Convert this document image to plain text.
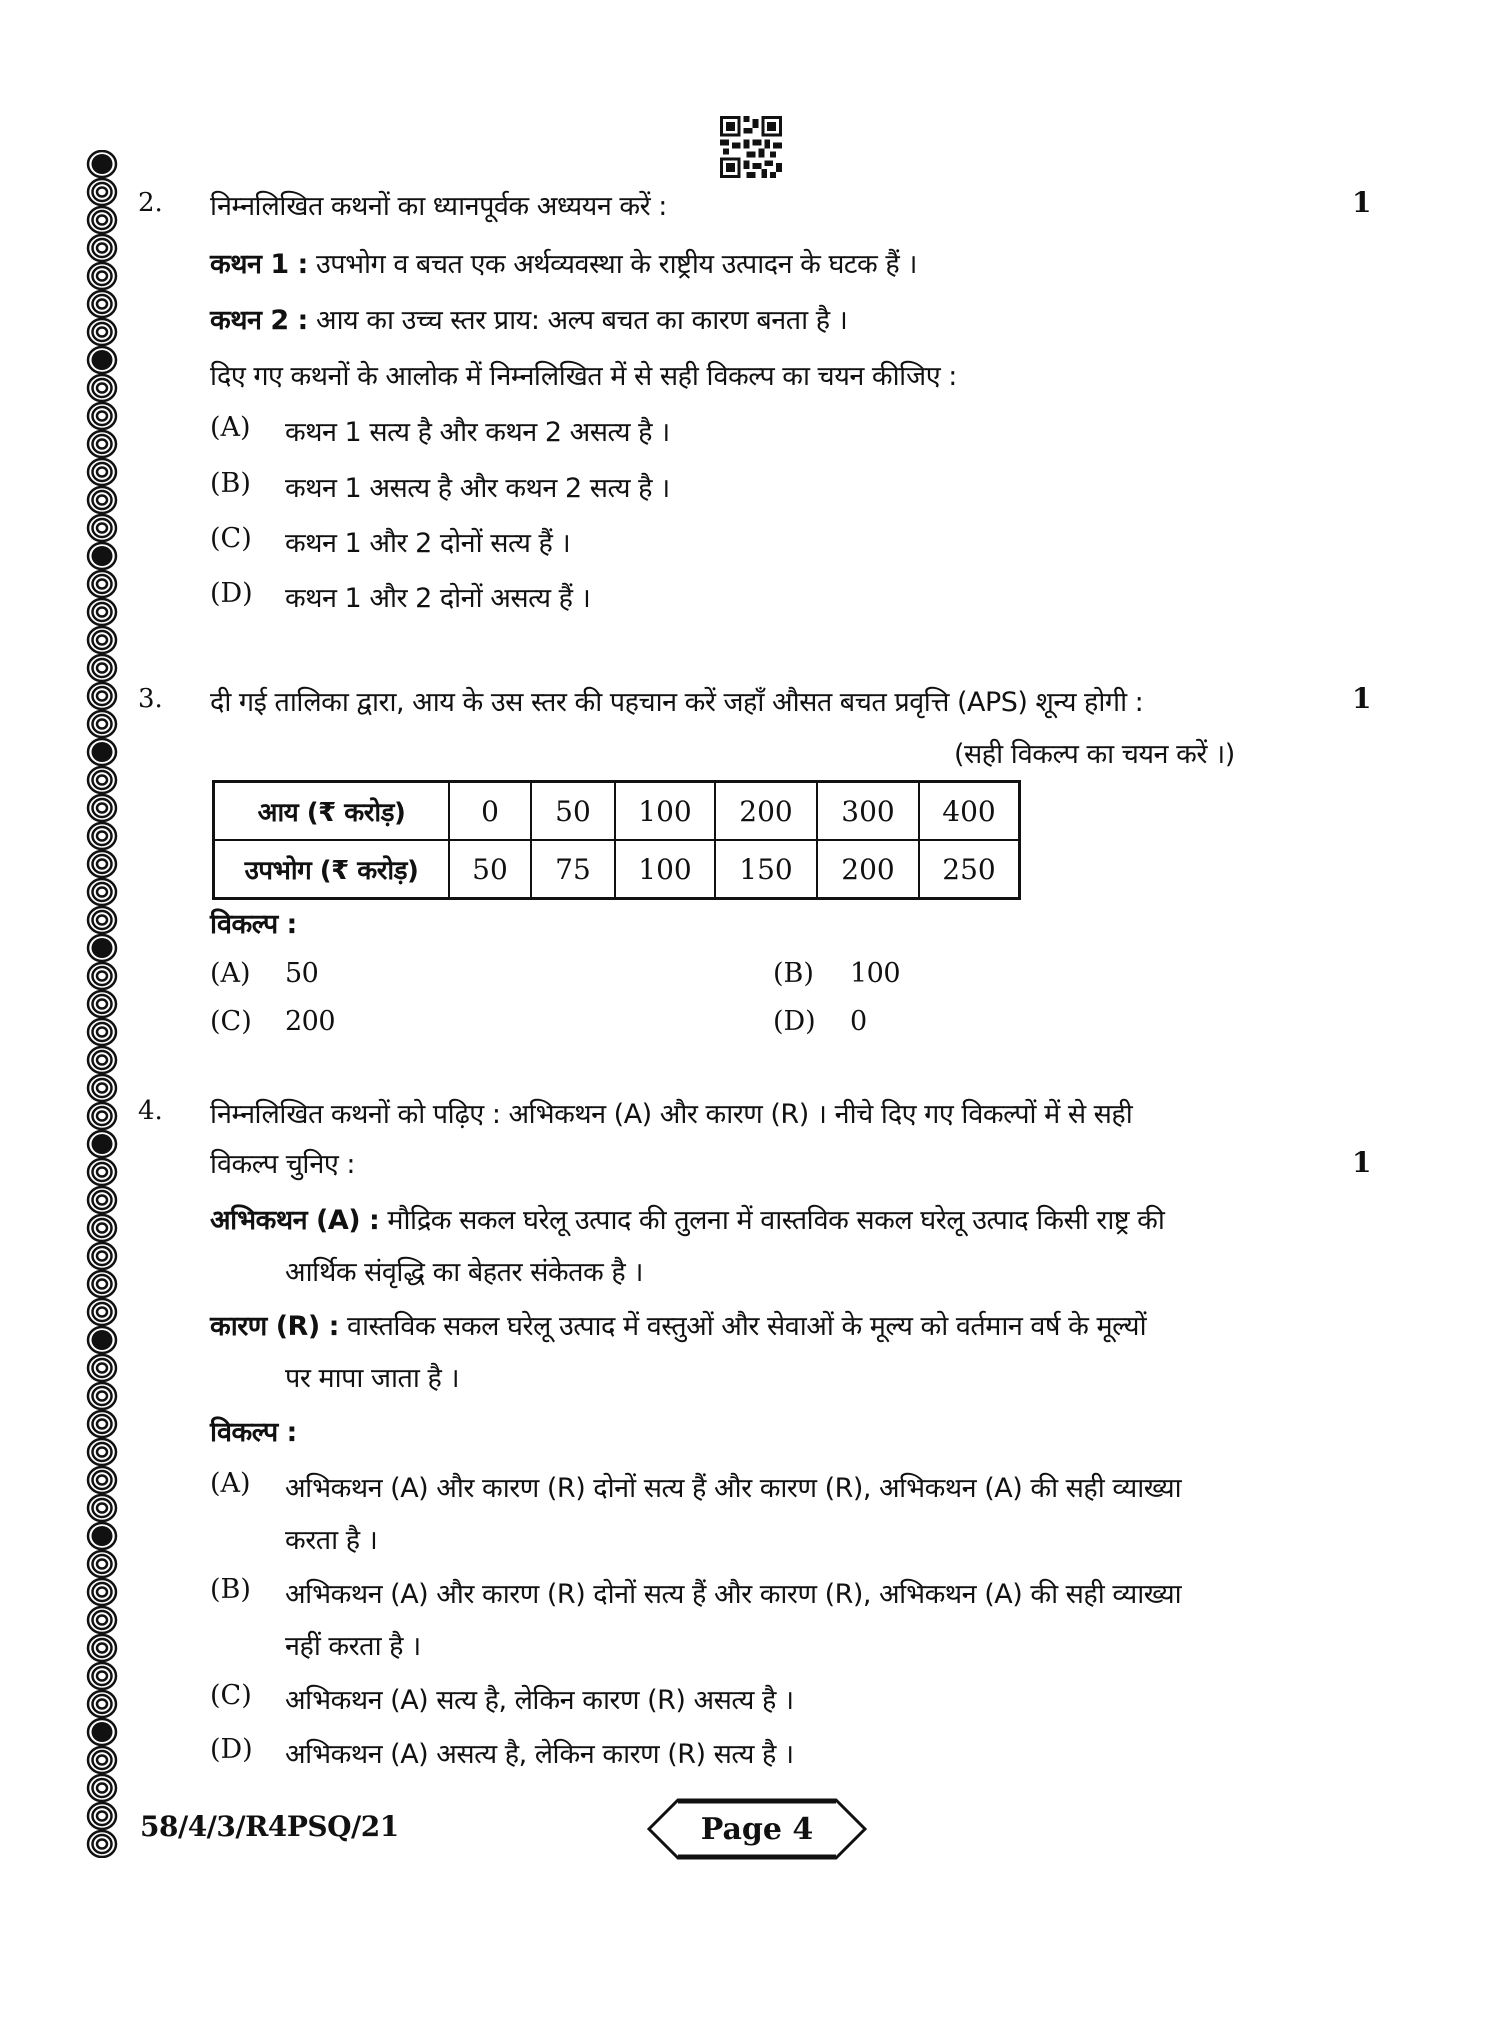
2.	1
निम्नलिखित कथनों का ध्यानपूर्वक अध्ययन करें :
कथन 1 : उपभोग व बचत एक अर्थव्यवस्था के राष्ट्रीय उत्पादन के घटक हैं ।
कथन 2 : आय का उच्च स्तर प्राय: अल्प बचत का कारण बनता है ।
दिए गए कथनों के आलोक में निम्नलिखित में से सही विकल्प का चयन कीजिए :
(A) कथन 1 सत्य है और कथन 2 असत्य है ।
(B) कथन 1 असत्य है और कथन 2 सत्य है ।
(C) कथन 1 और 2 दोनों सत्य हैं ।
(D) कथन 1 और 2 दोनों असत्य हैं ।
3.	1
दी गई तालिका द्वारा, आय के उस स्तर की पहचान करें जहाँ औसत बचत प्रवृत्ति (APS) शून्य होगी :
(सही विकल्प का चयन करें ।)
आय (₹ करोड़)	0	50	100	200	300	400
उपभोग (₹ करोड़)	50	75	100	150	200	250
विकल्प :
(A) 50	(B) 100
(C) 200	(D) 0
4.
1
निम्नलिखित कथनों को पढ़िए : अभिकथन (A) और कारण (R) । नीचे दिए गए विकल्पों में से सही
विकल्प चुनिए :
अभिकथन (A) : मौद्रिक सकल घरेलू उत्पाद की तुलना में वास्तविक सकल घरेलू उत्पाद किसी राष्ट्र की
आर्थिक संवृद्धि का बेहतर संकेतक है ।
कारण (R) : वास्तविक सकल घरेलू उत्पाद में वस्तुओं और सेवाओं के मूल्य को वर्तमान वर्ष के मूल्यों
पर मापा जाता है ।
विकल्प :
(A) अभिकथन (A) और कारण (R) दोनों सत्य हैं और कारण (R), अभिकथन (A) की सही व्याख्या
करता है ।
(B) अभिकथन (A) और कारण (R) दोनों सत्य हैं और कारण (R), अभिकथन (A) की सही व्याख्या
नहीं करता है ।
(C) अभिकथन (A) सत्य है, लेकिन कारण (R) असत्य है ।
(D) अभिकथन (A) असत्य है, लेकिन कारण (R) सत्य है ।
58/4/3/R4PSQ/21	Page 4
